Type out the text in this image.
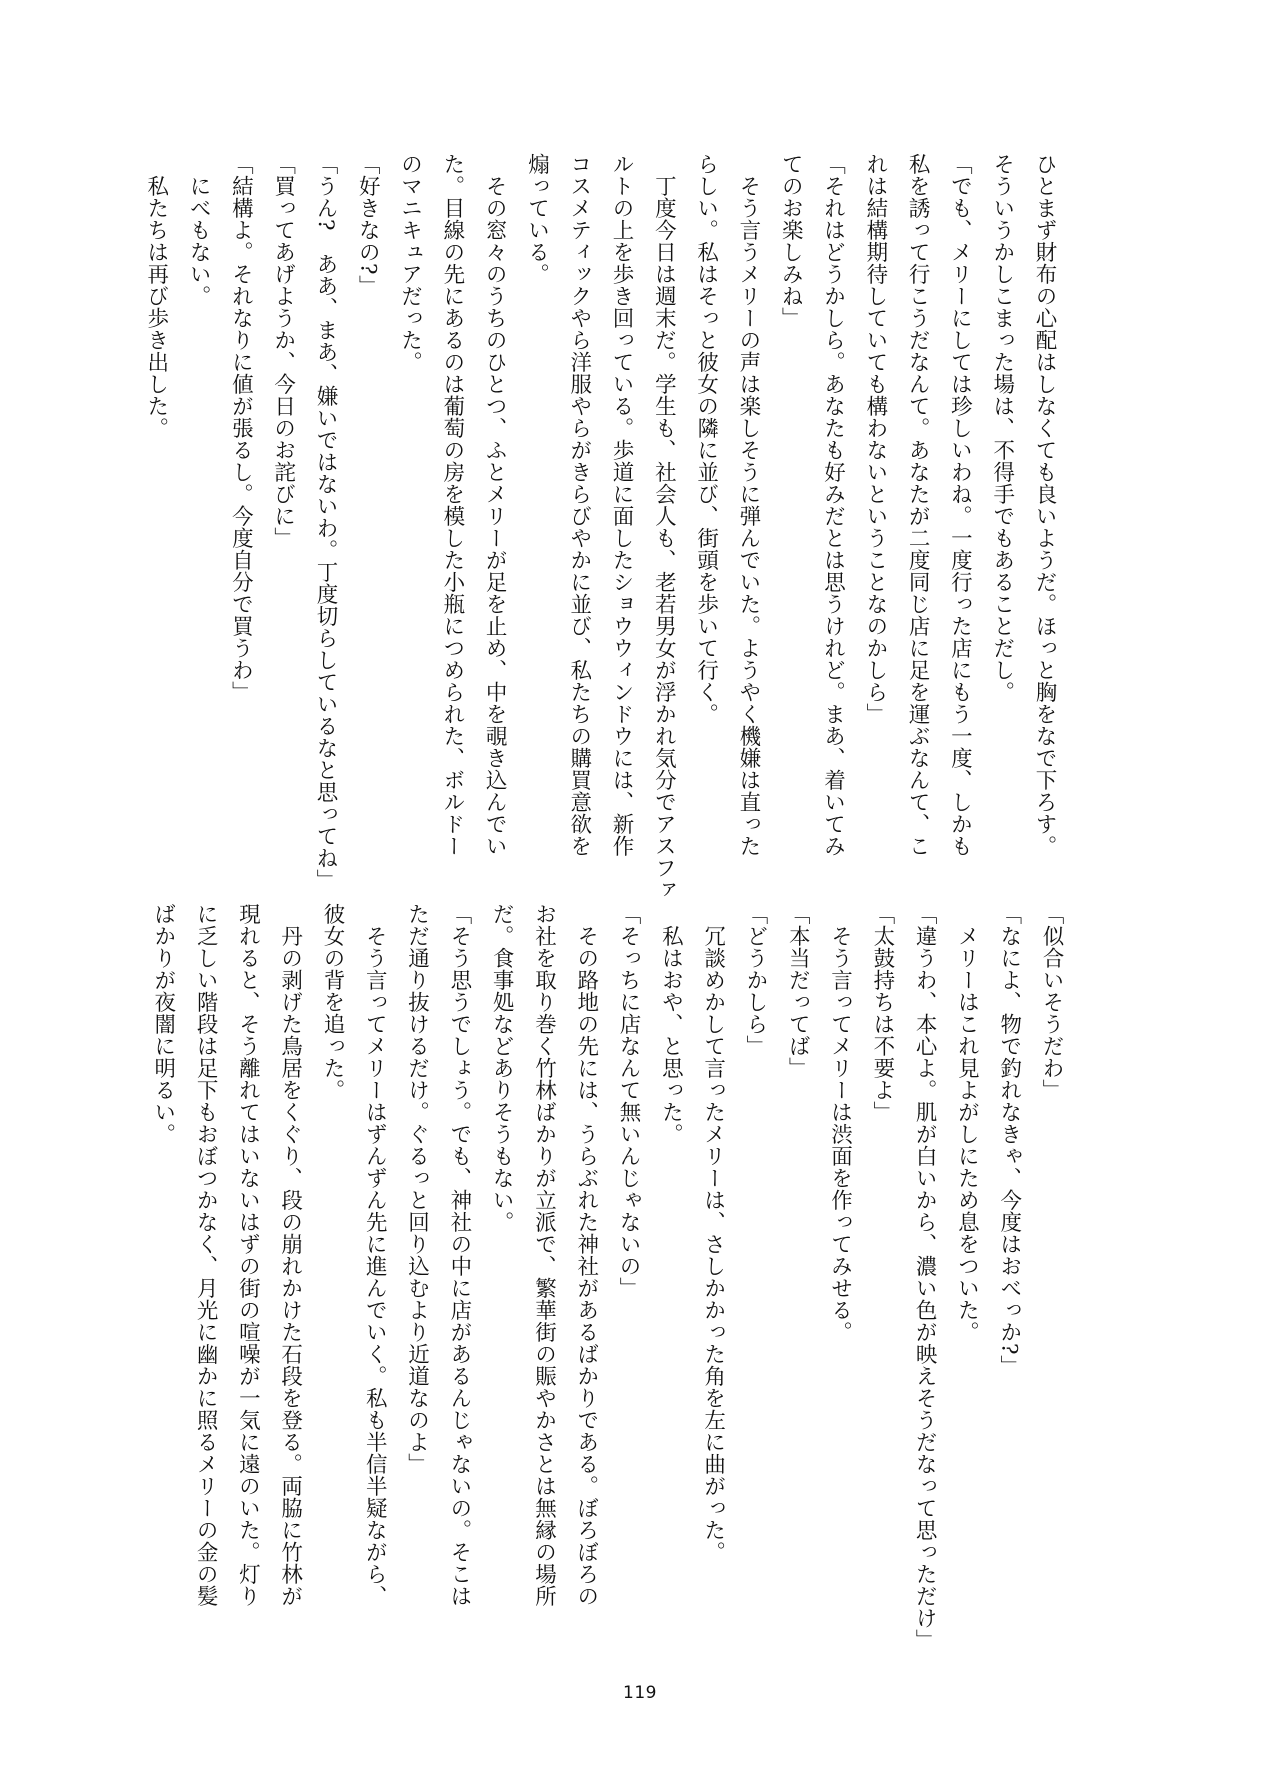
ひとまず財布の心配はしなくても良いようだ。ほっと胸をなで下ろす。

そういうかしこまった場は、不得手でもあることだし。

「でも、メリーにしては珍しいわね。一度行った店にもう一度、しかも

私を誘って行こうだなんて。あなたが二度同じ店に足を運ぶなんて、こ

れは結構期待していても構わないということなのかしら」

「それはどうかしら。あなたも好みだとは思うけれど。まあ、着いてみ

てのお楽しみね」

　そう言うメリーの声は楽しそうに弾んでいた。ようやく機嫌は直った

らしい。私はそっと彼女の隣に並び、街頭を歩いて行く。

　丁度今日は週末だ。学生も、社会人も、老若男女が浮かれ気分でアスファ

ルトの上を歩き回っている。歩道に面したショウウィンドウには、新作

コスメティックやら洋服やらがきらびやかに並び、私たちの購買意欲を

煽っている。

　その窓々のうちのひとつ、ふとメリーが足を止め、中を覗き込んでい

た。目線の先にあるのは葡萄の房を模した小瓶につめられた、ボルドー

のマニキュアだった。

「好きなの?」

「うん?　ああ、まあ、嫌いではないわ。丁度切らしているなと思ってね」

「買ってあげようか、今日のお詫びに」

「結構よ。それなりに値が張るし。今度自分で買うわ」

　にべもない。

　私たちは再び歩き出した。

「似合いそうだわ」

「なによ、物で釣れなきゃ、今度はおべっか?」

　メリーはこれ見よがしにため息をついた。

「違うわ、本心よ。肌が白いから、濃い色が映えそうだなって思っただけ」

「太鼓持ちは不要よ」

　そう言ってメリーは渋面を作ってみせる。

「本当だってば」

「どうかしら」

　冗談めかして言ったメリーは、さしかかった角を左に曲がった。

　私はおや、と思った。

「そっちに店なんて無いんじゃないの」

　その路地の先には、うらぶれた神社があるばかりである。ぼろぼろの

お社を取り巻く竹林ばかりが立派で、繁華街の賑やかさとは無縁の場所

だ。食事処などありそうもない。

「そう思うでしょう。でも、神社の中に店があるんじゃないの。そこは

ただ通り抜けるだけ。ぐるっと回り込むより近道なのよ」

　そう言ってメリーはずんずん先に進んでいく。私も半信半疑ながら、

彼女の背を追った。

　丹の剥げた鳥居をくぐり、段の崩れかけた石段を登る。両脇に竹林が

現れると、そう離れてはいないはずの街の喧噪が一気に遠のいた。灯り

に乏しい階段は足下もおぼつかなく、月光に幽かに照るメリーの金の髪

ばかりが夜闇に明るい。

119
